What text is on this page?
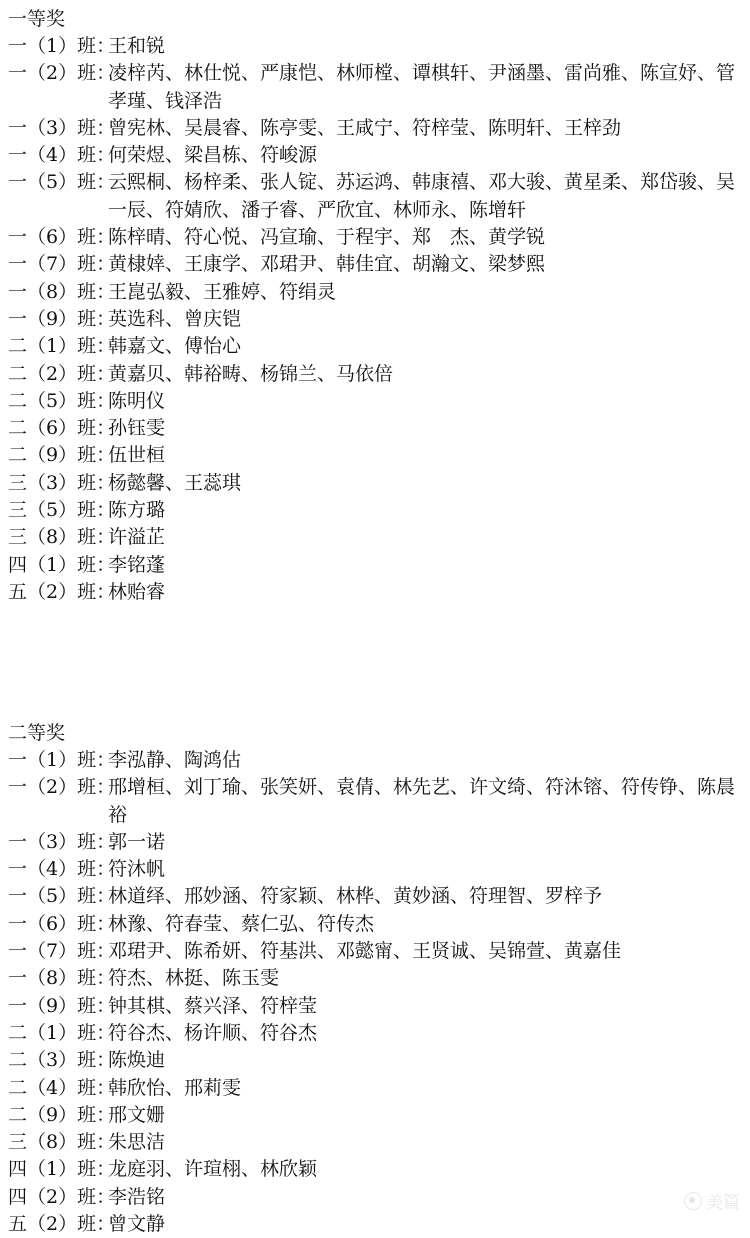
一等奖
一（1）班：
王和锐
一（2）班：
凌梓芮、林仕悦、严康恺、林师樘、谭棋轩、尹涵墨、雷尚雅、陈宣妤、管孝瑾、钱泽浩
一（3）班：
曾宪林、吴晨睿、陈亭雯、王咸宁、符梓莹、陈明轩、王梓劲
一（4）班：
何荣煜、梁昌栋、符峻源
一（5）班：
云熙桐、杨梓柔、张人锭、苏运鸿、韩康禧、邓大骏、黄星柔、郑岱骏、吴一辰、符婧欣、潘子睿、严欣宜、林师永、陈增轩
一（6）班：
陈梓晴、符心悦、冯宣瑜、于程宇、郑　杰、黄学锐
一（7）班：
黄棣婞、王康学、邓珺尹、韩佳宜、胡瀚文、梁梦熙
一（8）班：
王崑弘毅、王雅婷、符绢灵
一（9）班：
英选科、曾庆铠
二（1）班：
韩嘉文、傅怡心
二（2）班：
黄嘉贝、韩裕畴、杨锦兰、马依倍
二（5）班：
陈明仪
二（6）班：
孙钰雯
二（9）班：
伍世桓
三（3）班：
杨懿馨、王蕊琪
三（5）班：
陈方璐
三（8）班：
许溢芷
四（1）班：
李铭蓬
五（2）班：
林贻睿
二等奖
一（1）班：
李泓静、陶鸿估
一（2）班：
邢增桓、刘丁瑜、张笑妍、袁倩、林先艺、许文绮、符沐镕、符传铮、陈晨裕
一（3）班：
郭一诺
一（4）班：
符沐帆
一（5）班：
林道绎、邢妙涵、符家颖、林桦、黄妙涵、符理智、罗梓予
一（6）班：
林豫、符春莹、蔡仁弘、符传杰
一（7）班：
邓珺尹、陈希妍、符基洪、邓懿甯、王贤诚、吴锦萱、黄嘉佳
一（8）班：
符杰、林挺、陈玉雯
一（9）班：
钟其棋、蔡兴泽、符梓莹
二（1）班：
符谷杰、杨许顺、符谷杰
二（3）班：
陈焕迪
二（4）班：
韩欣怡、邢莉雯
二（9）班：
邢文姗
三（8）班：
朱思洁
四（1）班：
龙庭羽、许瑄栩、林欣颖
四（2）班：
李浩铭
五（2）班：
曾文静
美篇
